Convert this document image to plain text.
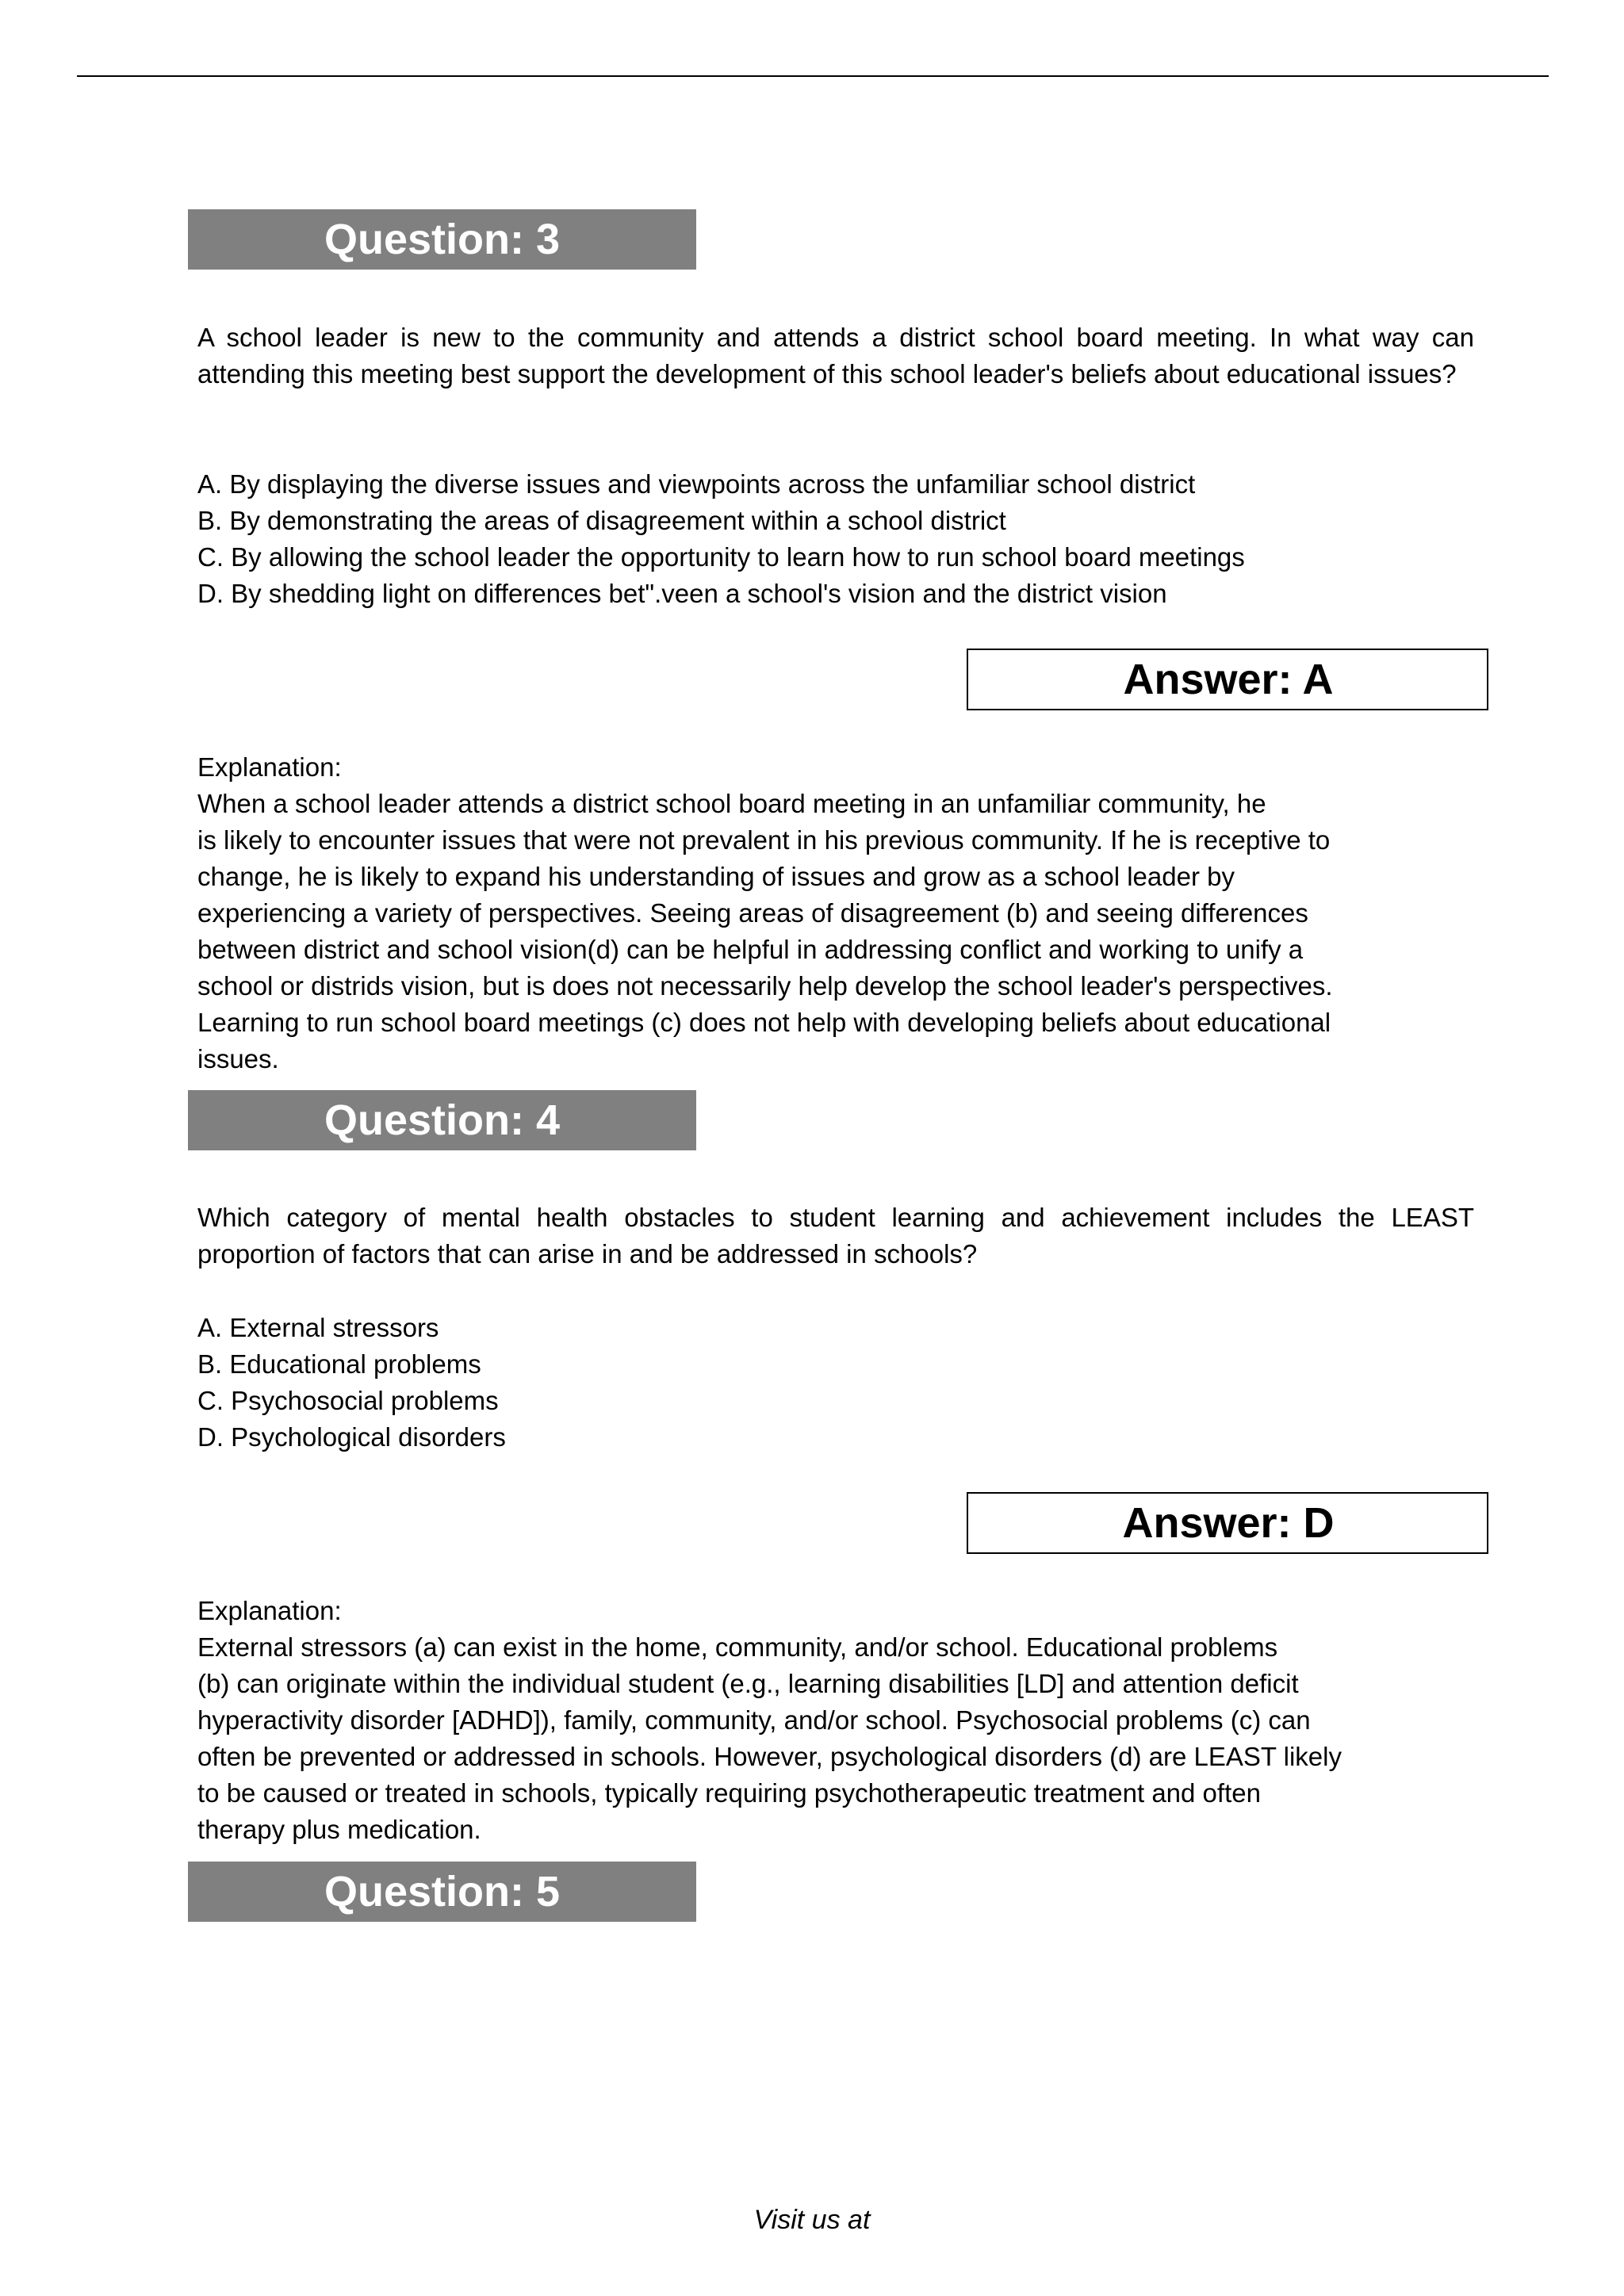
Question: 3

A school leader is new to the community and attends a district school board meeting. In what way can attending this meeting best support the development of this school leader's beliefs about educational issues?

A. By displaying the diverse issues and viewpoints across the unfamiliar school district
B. By demonstrating the areas of disagreement within a school district
C. By allowing the school leader the opportunity to learn how to run school board meetings
D. By shedding light on differences bet".veen a school's vision and the district vision
Answer: A
Explanation:
When a school leader attends a district school board meeting in an unfamiliar community, he
is likely to encounter issues that were not prevalent in his previous community. If he is receptive to
change, he is likely to expand his understanding of issues and grow as a school leader by
experiencing a variety of perspectives. Seeing areas of disagreement (b) and seeing differences
between district and school vision(d) can be helpful in addressing conflict and working to unify a
school or distrids vision, but is does not necessarily help develop the school leader's perspectives.
Learning to run school board meetings (c) does not help with developing beliefs about educational
issues.
Question: 4

Which category of mental health obstacles to student learning and achievement includes the LEAST proportion of factors that can arise in and be addressed in schools?

A. External stressors
B. Educational problems
C. Psychosocial problems
D. Psychological disorders
Answer: D
Explanation:
External stressors (a) can exist in the home, community, and/or school. Educational problems
(b) can originate within the individual student (e.g., learning disabilities [LD] and attention deficit
hyperactivity disorder [ADHD]), family, community, and/or school. Psychosocial problems (c) can
often be prevented or addressed in schools. However, psychological disorders (d) are LEAST likely
to be caused or treated in schools, typically requiring psychotherapeutic treatment and often
therapy plus medication.
Question: 5
Visit us at
